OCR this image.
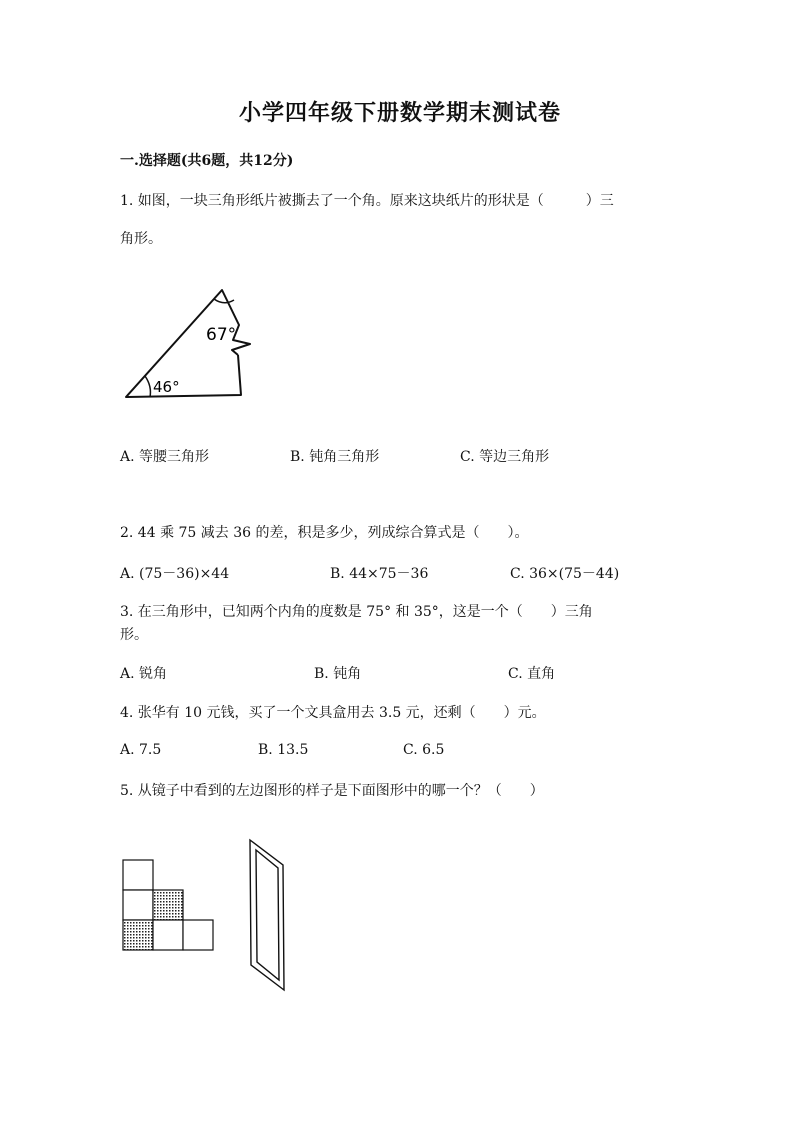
小学四年级下册数学期末测试卷
一.选择题(共6题，共12分)
1. 如图，一块三角形纸片被撕去了一个角。原来这块纸片的形状是（　　　）三
角形。
67°
46°
A. 等腰三角形	B. 钝角三角形	C. 等边三角形
2. 44 乘 75 减去 36 的差，积是多少，列成综合算式是（　　）。
A. (75－36)×44	B. 44×75－36	C. 36×(75－44)
3. 在三角形中，已知两个内角的度数是 75° 和 35°，这是一个（　　）三角
形。
A. 锐角	B. 钝角	C. 直角
4. 张华有 10 元钱，买了一个文具盒用去 3.5 元，还剩（　　）元。
A. 7.5	B. 13.5	C. 6.5
5. 从镜子中看到的左边图形的样子是下面图形中的哪一个？（　　）
